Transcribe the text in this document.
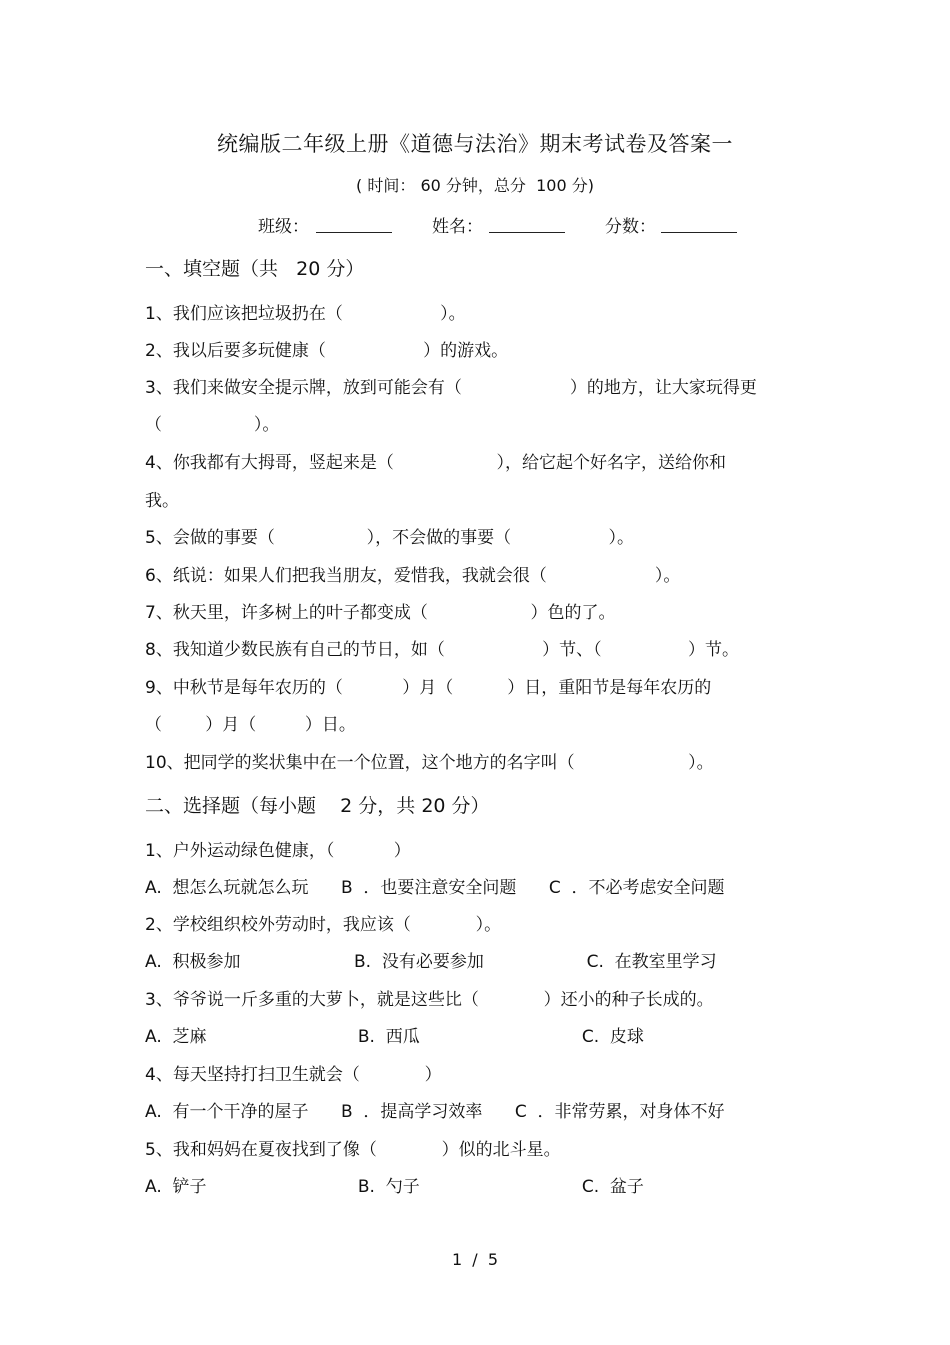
统编版二年级上册《道德与法治》期末考试卷及答案一
( 时间： 60 分钟，总分  100 分)
班级：	姓名：	分数：
一、填空题（共   20 分）
1、我们应该把垃圾扔在（                  ）。
2、我以后要多玩健康（                  ）的游戏。
3、我们来做安全提示牌，放到可能会有（                    ）的地方，让大家玩得更
（                 ）。
4、你我都有大拇哥，竖起来是（                   ），给它起个好名字，送给你和
我。
5、会做的事要（                 ），不会做的事要（                  ）。
6、纸说：如果人们把我当朋友，爱惜我，我就会很（                    ）。
7、秋天里，许多树上的叶子都变成（                   ）色的了。
8、我知道少数民族有自己的节日，如（                  ）节、（                ）节。
9、中秋节是每年农历的（           ）月（          ）日，重阳节是每年农历的
（        ）月（         ）日。
10、把同学的奖状集中在一个位置，这个地方的名字叫（                     ）。
二、选择题（每小题    2 分，共 20 分）
1、户外运动绿色健康，（           ）
A.  想怎么玩就怎么玩      B  ．也要注意安全问题      C  ．不必考虑安全问题
2、学校组织校外劳动时，我应该（            ）。
A.  积极参加                     B.  没有必要参加                   C.  在教室里学习
3、爷爷说一斤多重的大萝卜，就是这些比（            ）还小的种子长成的。
A.  芝麻                            B.  西瓜                              C.  皮球
4、每天坚持打扫卫生就会（            ）
A.  有一个干净的屋子      B  ．提高学习效率      C  ．非常劳累，对身体不好
5、我和妈妈在夏夜找到了像（            ）似的北斗星。
A.  铲子                            B.  勺子                              C.  盆子
1  /  5
